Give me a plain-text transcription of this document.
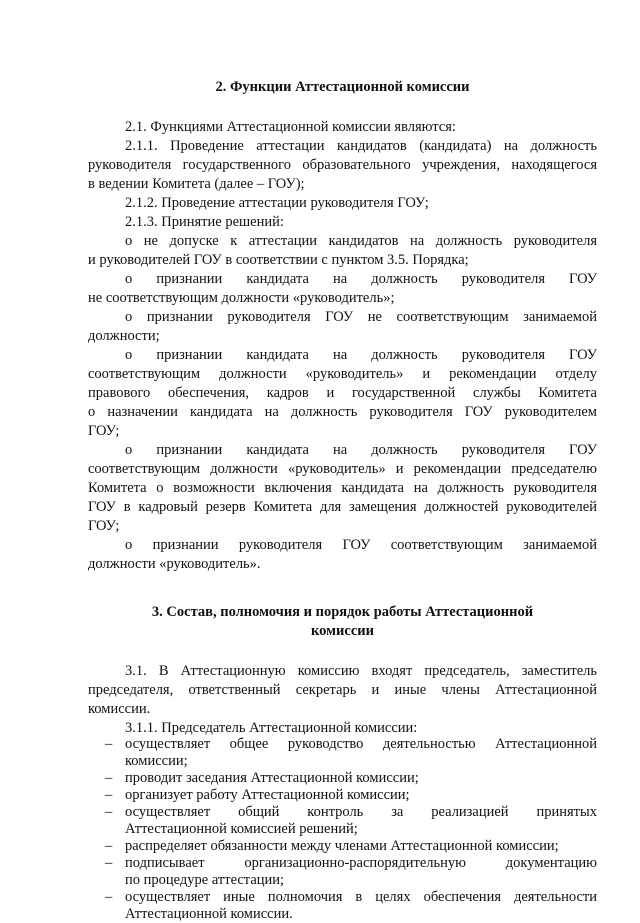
2. Функции Аттестационной комиссии
2.1. Функциями Аттестационной комиссии являются:
2.1.1. Проведение аттестации кандидатов (кандидата) на должность
руководителя государственного образовательного учреждения, находящегося
в ведении Комитета (далее – ГОУ);
2.1.2. Проведение аттестации руководителя ГОУ;
2.1.3. Принятие решений:
о не допуске к аттестации кандидатов на должность руководителя
и руководителей ГОУ в соответствии с пунктом 3.5. Порядка;
о признании кандидата на должность руководителя ГОУ
не соответствующим должности «руководитель»;
о признании руководителя ГОУ не соответствующим занимаемой
должности;
о признании кандидата на должность руководителя ГОУ
соответствующим должности «руководитель» и рекомендации отделу
правового обеспечения, кадров и государственной службы Комитета
о назначении кандидата на должность руководителя ГОУ руководителем
ГОУ;
о признании кандидата на должность руководителя ГОУ
соответствующим должности «руководитель» и рекомендации председателю
Комитета о возможности включения кандидата на должность руководителя
ГОУ в кадровый резерв Комитета для замещения должностей руководителей
ГОУ;
о признании руководителя ГОУ соответствующим занимаемой
должности «руководитель».
3. Состав, полномочия и порядок работы Аттестационной
комиссии
3.1. В Аттестационную комиссию входят председатель, заместитель
председателя, ответственный секретарь и иные члены Аттестационной
комиссии.
3.1.1. Председатель Аттестационной комиссии:
– осуществляет общее руководство деятельностью Аттестационной
комиссии;
– проводит заседания Аттестационной комиссии;
– организует работу Аттестационной комиссии;
– осуществляет общий контроль за реализацией принятых
Аттестационной комиссией решений;
– распределяет обязанности между членами Аттестационной комиссии;
– подписывает организационно-распорядительную документацию
по процедуре аттестации;
– осуществляет иные полномочия в целях обеспечения деятельности
Аттестационной комиссии.
